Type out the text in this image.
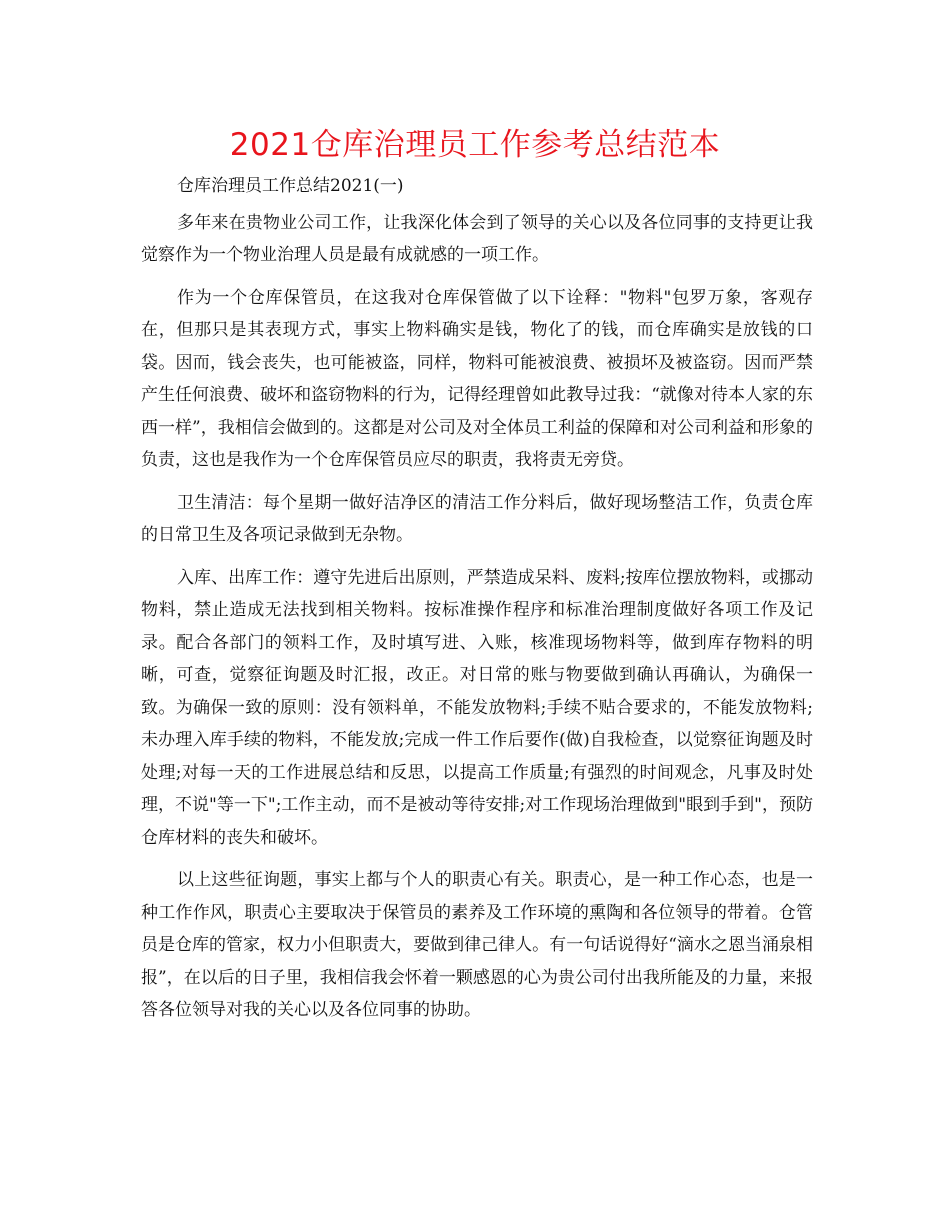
2021仓库治理员工作参考总结范本

仓库治理员工作总结2021(一)

多年来在贵物业公司工作，让我深化体会到了领导的关心以及各位同事的支持更让我觉察作为一个物业治理人员是最有成就感的一项工作。

作为一个仓库保管员，在这我对仓库保管做了以下诠释："物料"包罗万象，客观存在，但那只是其表现方式，事实上物料确实是钱，物化了的钱，而仓库确实是放钱的口袋。因而，钱会丧失，也可能被盗，同样，物料可能被浪费、被损坏及被盗窃。因而严禁产生任何浪费、破坏和盗窃物料的行为，记得经理曾如此教导过我：“就像对待本人家的东西一样”，我相信会做到的。这都是对公司及对全体员工利益的保障和对公司利益和形象的负责，这也是我作为一个仓库保管员应尽的职责，我将责无旁贷。

卫生清洁：每个星期一做好洁净区的清洁工作分料后，做好现场整洁工作，负责仓库的日常卫生及各项记录做到无杂物。

入库、出库工作：遵守先进后出原则，严禁造成呆料、废料;按库位摆放物料，或挪动物料，禁止造成无法找到相关物料。按标准操作程序和标准治理制度做好各项工作及记录。配合各部门的领料工作，及时填写进、入账，核准现场物料等，做到库存物料的明晰，可查，觉察征询题及时汇报，改正。对日常的账与物要做到确认再确认，为确保一致。为确保一致的原则：没有领料单，不能发放物料;手续不贴合要求的，不能发放物料;未办理入库手续的物料，不能发放;完成一件工作后要作(做)自我检查，以觉察征询题及时处理;对每一天的工作进展总结和反思，以提高工作质量;有强烈的时间观念，凡事及时处理，不说"等一下";工作主动，而不是被动等待安排;对工作现场治理做到"眼到手到"，预防仓库材料的丧失和破坏。

以上这些征询题，事实上都与个人的职责心有关。职责心，是一种工作心态，也是一种工作作风，职责心主要取决于保管员的素养及工作环境的熏陶和各位领导的带着。仓管员是仓库的管家，权力小但职责大，要做到律己律人。有一句话说得好“滴水之恩当涌泉相报”，在以后的日子里，我相信我会怀着一颗感恩的心为贵公司付出我所能及的力量，来报答各位领导对我的关心以及各位同事的协助。
